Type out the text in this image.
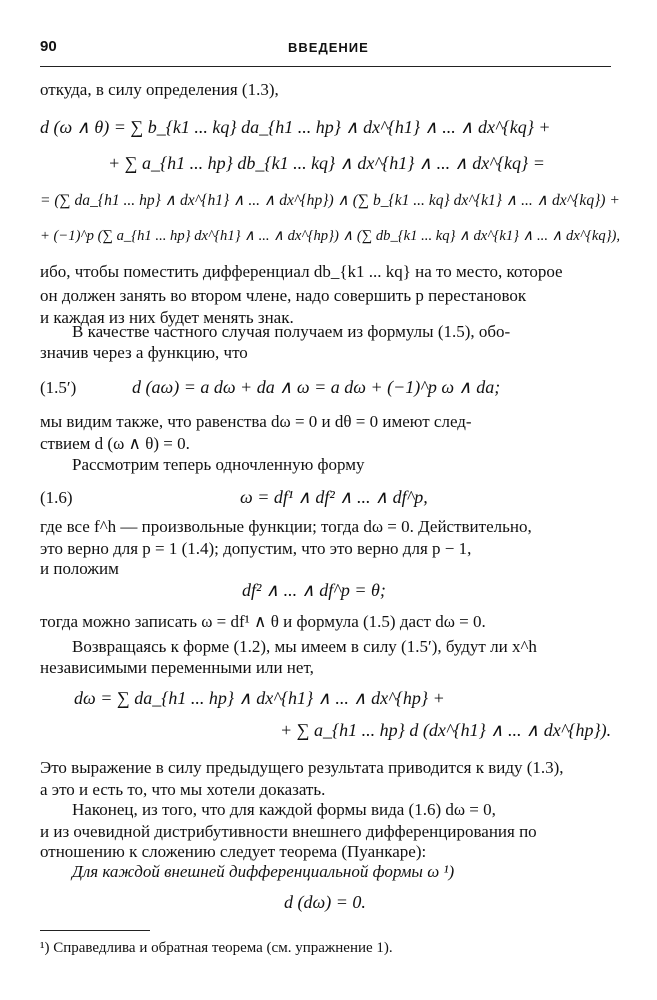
90	ВВЕДЕНИЕ
откуда, в силу определения (1.3),
d (ω ∧ θ) = ∑ b_{k1 ... kq} da_{h1 ... hp} ∧ dx^{h1} ∧ ... ∧ dx^{kq} +
+ ∑ a_{h1 ... hp} db_{k1 ... kq} ∧ dx^{h1} ∧ ... ∧ dx^{kq} =
= (∑ da_{h1 ... hp} ∧ dx^{h1} ∧ ... ∧ dx^{hp}) ∧ (∑ b_{k1 ... kq} dx^{k1} ∧ ... ∧ dx^{kq}) +
+ (−1)^p (∑ a_{h1 ... hp} dx^{h1} ∧ ... ∧ dx^{hp}) ∧ (∑ db_{k1 ... kq} ∧ dx^{k1} ∧ ... ∧ dx^{kq}),
ибо, чтобы поместить дифференциал db_{k1 ... kq} на то место, которое
он должен занять во втором члене, надо совершить p перестановок
и каждая из них будет менять знак.
В качестве частного случая получаем из формулы (1.5), обо-
значив через a функцию, что
(1.5′)	d (aω) = a dω + da ∧ ω = a dω + (−1)^p ω ∧ da;
мы видим также, что равенства dω = 0 и dθ = 0 имеют след-
ствием d (ω ∧ θ) = 0.
Рассмотрим теперь одночленную форму
(1.6)	ω = df¹ ∧ df² ∧ ... ∧ df^p,
где все f^h — произвольные функции; тогда dω = 0. Действительно,
это верно для p = 1 (1.4); допустим, что это верно для p − 1,
и положим
df² ∧ ... ∧ df^p = θ;
тогда можно записать ω = df¹ ∧ θ и формула (1.5) даст dω = 0.
Возвращаясь к форме (1.2), мы имеем в силу (1.5′), будут ли x^h
независимыми переменными или нет,
dω = ∑ da_{h1 ... hp} ∧ dx^{h1} ∧ ... ∧ dx^{hp} +
+ ∑ a_{h1 ... hp} d (dx^{h1} ∧ ... ∧ dx^{hp}).
Это выражение в силу предыдущего результата приводится к виду (1.3),
а это и есть то, что мы хотели доказать.
Наконец, из того, что для каждой формы вида (1.6) dω = 0,
и из очевидной дистрибутивности внешнего дифференцирования по
отношению к сложению следует теорема (Пуанкаре):
Для каждой внешней дифференциальной формы ω ¹)
d (dω) = 0.
¹) Справедлива и обратная теорема (см. упражнение 1).
